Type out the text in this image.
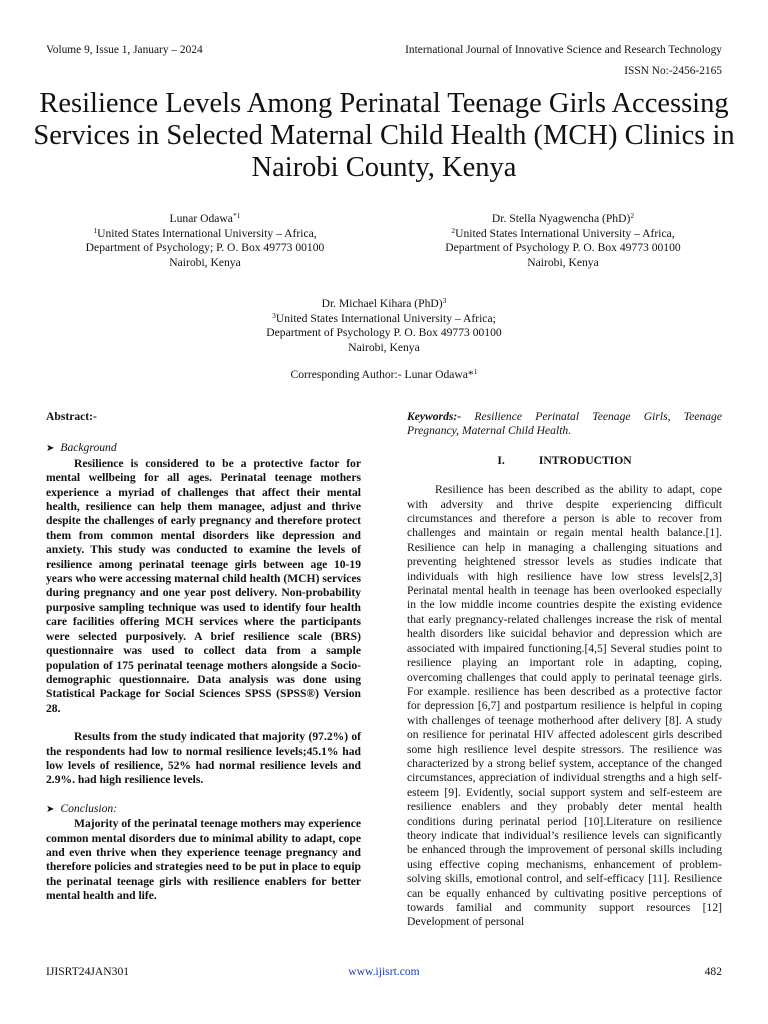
Volume 9, Issue 1, January – 2024	International Journal of Innovative Science and Research Technology
ISSN No:-2456-2165
Resilience Levels Among Perinatal Teenage Girls Accessing Services in Selected Maternal Child Health (MCH) Clinics in Nairobi County, Kenya
Lunar Odawa$^{*1}$
$^1$United States International University – Africa,
Department of Psychology; P. O. Box 49773 00100
Nairobi, Kenya
Dr. Stella Nyagwencha (PhD)$^2$
$^2$United States International University – Africa,
Department of Psychology P. O. Box 49773 00100
Nairobi, Kenya
Dr. Michael Kihara (PhD)$^3$
$^3$United States International University – Africa;
Department of Psychology P. O. Box 49773 00100
Nairobi, Kenya
Corresponding Author:- Lunar Odawa*$^1$

Abstract:-

➤ Background

Resilience is considered to be a protective factor for mental wellbeing for all ages. Perinatal teenage mothers experience a myriad of challenges that affect their mental health, resilience can help them managee, adjust and thrive despite the challenges of early pregnancy and therefore protect them from common mental disorders like depression and anxiety. This study was conducted to examine the levels of resilience among perinatal teenage girls between age 10-19 years who were accessing maternal child health (MCH) services during pregnancy and one year post delivery. Non-probability purposive sampling technique was used to identify four health care facilities offering MCH services where the participants were selected purposively. A brief resilience scale (BRS) questionnaire was used to collect data from a sample population of 175 perinatal teenage mothers alongside a Socio-demographic questionnaire. Data analysis was done using Statistical Package for Social Sciences SPSS (SPSS®) Version 28.

Results from the study indicated that majority (97.2%) of the respondents had low to normal resilience levels;45.1% had low levels of resilience, 52% had normal resilience levels and 2.9%. had high resilience levels.

➤ Conclusion:

Majority of the perinatal teenage mothers may experience common mental disorders due to minimal ability to adapt, cope and even thrive when they experience teenage pregnancy and therefore policies and strategies need to be put in place to equip the perinatal teenage girls with resilience enablers for better mental health and life.

Keywords:- Resilience Perinatal Teenage Girls, Teenage Pregnancy, Maternal Child Health.

I.	INTRODUCTION

Resilience has been described as the ability to adapt, cope with adversity and thrive despite experiencing difficult circumstances and therefore a person is able to recover from challenges and maintain or regain mental health balance.[1]. Resilience can help in managing a challenging situations and preventing heightened stressor levels as studies indicate that individuals with high resilience have low stress levels[2,3] Perinatal mental health in teenage has been overlooked especially in the low middle income countries despite the existing evidence that early pregnancy-related challenges increase the risk of mental health disorders like suicidal behavior and depression which are associated with impaired functioning.[4,5] Several studies point to resilience playing an important role in adapting, coping, overcoming challenges that could apply to perinatal teenage girls. For example. resilience has been described as a protective factor for depression [6,7] and postpartum resilience is helpful in coping with challenges of teenage motherhood after delivery [8]. A study on resilience for perinatal HIV affected adolescent girls described some high resilience level despite stressors. The resilience was characterized by a strong belief system, acceptance of the changed circumstances, appreciation of individual strengths and a high self-esteem [9]. Evidently, social support system and self-esteem are resilience enablers and they probably deter mental health conditions during perinatal period [10].Literature on resilience theory indicate that individual’s resilience levels can significantly be enhanced through the improvement of personal skills including using effective coping mechanisms, enhancement of problem-solving skills, emotional control, and self-efficacy [11]. Resilience can be equally enhanced by cultivating positive perceptions of towards familial and community support resources [12] Development of personal

IJISRT24JAN301	www.ijisrt.com	482
